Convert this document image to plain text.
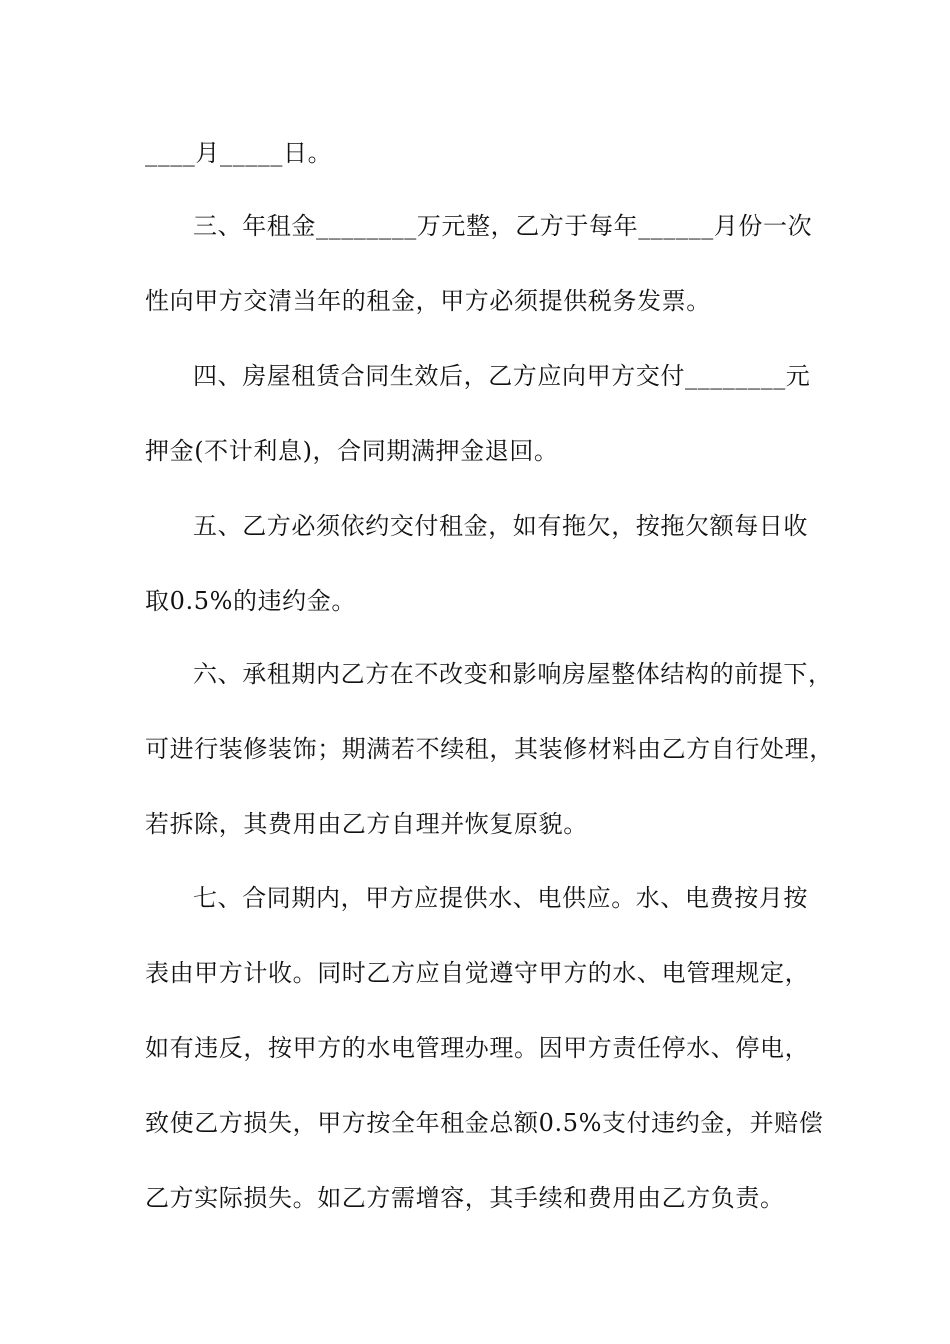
____月_____日。

三、年租金________万元整，乙方于每年______月份一次

性向甲方交清当年的租金，甲方必须提供税务发票。

四、房屋租赁合同生效后，乙方应向甲方交付________元

押金(不计利息)，合同期满押金退回。

五、乙方必须依约交付租金，如有拖欠，按拖欠额每日收

取0.5%的违约金。

六、承租期内乙方在不改变和影响房屋整体结构的前提下，

可进行装修装饰；期满若不续租，其装修材料由乙方自行处理，

若拆除，其费用由乙方自理并恢复原貌。

七、合同期内，甲方应提供水、电供应。水、电费按月按

表由甲方计收。同时乙方应自觉遵守甲方的水、电管理规定，

如有违反，按甲方的水电管理办理。因甲方责任停水、停电，

致使乙方损失，甲方按全年租金总额0.5%支付违约金，并赔偿

乙方实际损失。如乙方需增容，其手续和费用由乙方负责。
